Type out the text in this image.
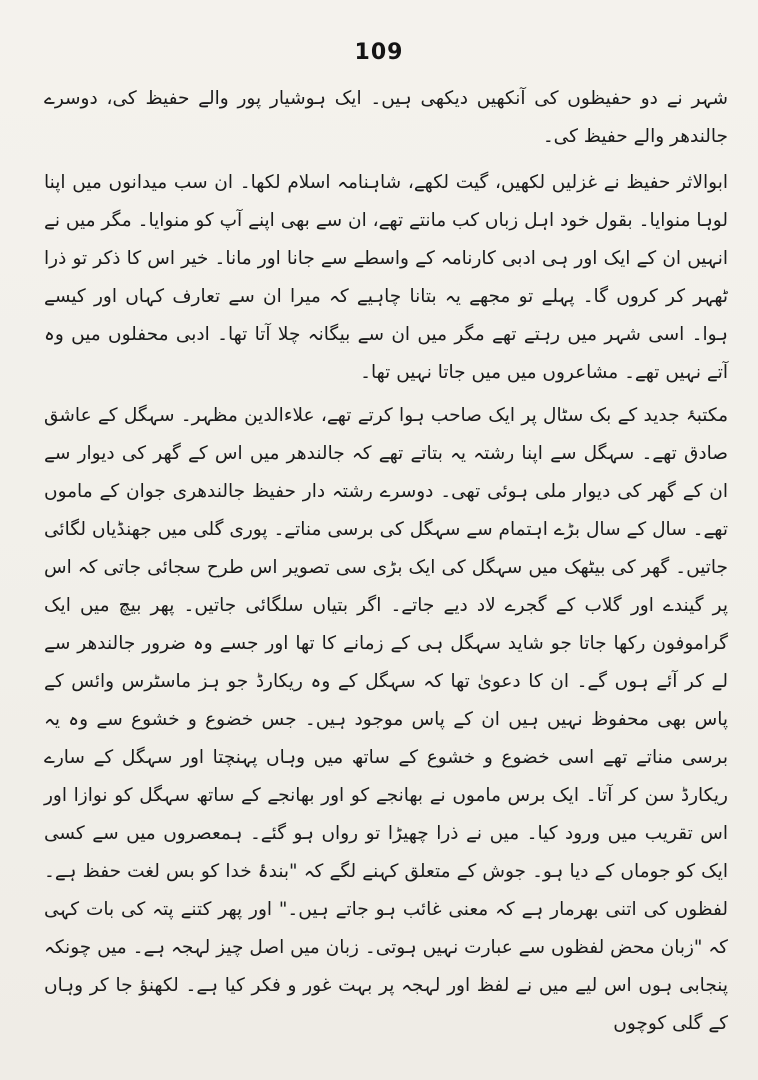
109

شہر نے دو حفیظوں کی آنکھیں دیکھی ہیں۔ ایک ہوشیار پور والے حفیظ کی، دوسرے جالندھر والے حفیظ کی۔

ابوالاثر حفیظ نے غزلیں لکھیں، گیت لکھے، شاہنامہ اسلام لکھا۔ ان سب میدانوں میں اپنا لوہا منوایا۔ بقول خود اہل زباں کب مانتے تھے، ان سے بھی اپنے آپ کو منوایا۔ مگر میں نے انہیں ان کے ایک اور ہی ادبی کارنامہ کے واسطے سے جانا اور مانا۔ خیر اس کا ذکر تو ذرا ٹھہر کر کروں گا۔ پہلے تو مجھے یہ بتانا چاہیے کہ میرا ان سے تعارف کہاں اور کیسے ہوا۔ اسی شہر میں رہتے تھے مگر میں ان سے بیگانہ چلا آتا تھا۔ ادبی محفلوں میں وہ آتے نہیں تھے۔ مشاعروں میں میں جاتا نہیں تھا۔

مکتبۂ جدید کے بک سٹال پر ایک صاحب ہوا کرتے تھے، علاءالدین مظہر۔ سہگل کے عاشق صادق تھے۔ سہگل سے اپنا رشتہ یہ بتاتے تھے کہ جالندھر میں اس کے گھر کی دیوار سے ان کے گھر کی دیوار ملی ہوئی تھی۔ دوسرے رشتہ دار حفیظ جالندھری جوان کے ماموں تھے۔ سال کے سال بڑے اہتمام سے سہگل کی برسی مناتے۔ پوری گلی میں جھنڈیاں لگائی جاتیں۔ گھر کی بیٹھک میں سہگل کی ایک بڑی سی تصویر اس طرح سجائی جاتی کہ اس پر گیندے اور گلاب کے گجرے لاد دیے جاتے۔ اگر بتیاں سلگائی جاتیں۔ پھر بیچ میں ایک گراموفون رکھا جاتا جو شاید سہگل ہی کے زمانے کا تھا اور جسے وہ ضرور جالندھر سے لے کر آئے ہوں گے۔ ان کا دعویٰ تھا کہ سہگل کے وہ ریکارڈ جو ہز ماسٹرس وائس کے پاس بھی محفوظ نہیں ہیں ان کے پاس موجود ہیں۔ جس خضوع و خشوع سے وہ یہ برسی مناتے تھے اسی خضوع و خشوع کے ساتھ میں وہاں پہنچتا اور سہگل کے سارے ریکارڈ سن کر آتا۔ ایک برس ماموں نے بھانجے کو اور بھانجے کے ساتھ سہگل کو نوازا اور اس تقریب میں ورود کیا۔ میں نے ذرا چھیڑا تو رواں ہو گئے۔ ہمعصروں میں سے کسی ایک کو جوماں کے دیا ہو۔ جوش کے متعلق کہنے لگے کہ "بندۂ خدا کو بس لغت حفظ ہے۔ لفظوں کی اتنی بھرمار ہے کہ معنی غائب ہو جاتے ہیں۔" اور پھر کتنے پتہ کی بات کہی کہ "زبان محض لفظوں سے عبارت نہیں ہوتی۔ زبان میں اصل چیز لہجہ ہے۔ میں چونکہ پنجابی ہوں اس لیے میں نے لفظ اور لہجہ پر بہت غور و فکر کیا ہے۔ لکھنؤ جا کر وہاں کے گلی کوچوں
